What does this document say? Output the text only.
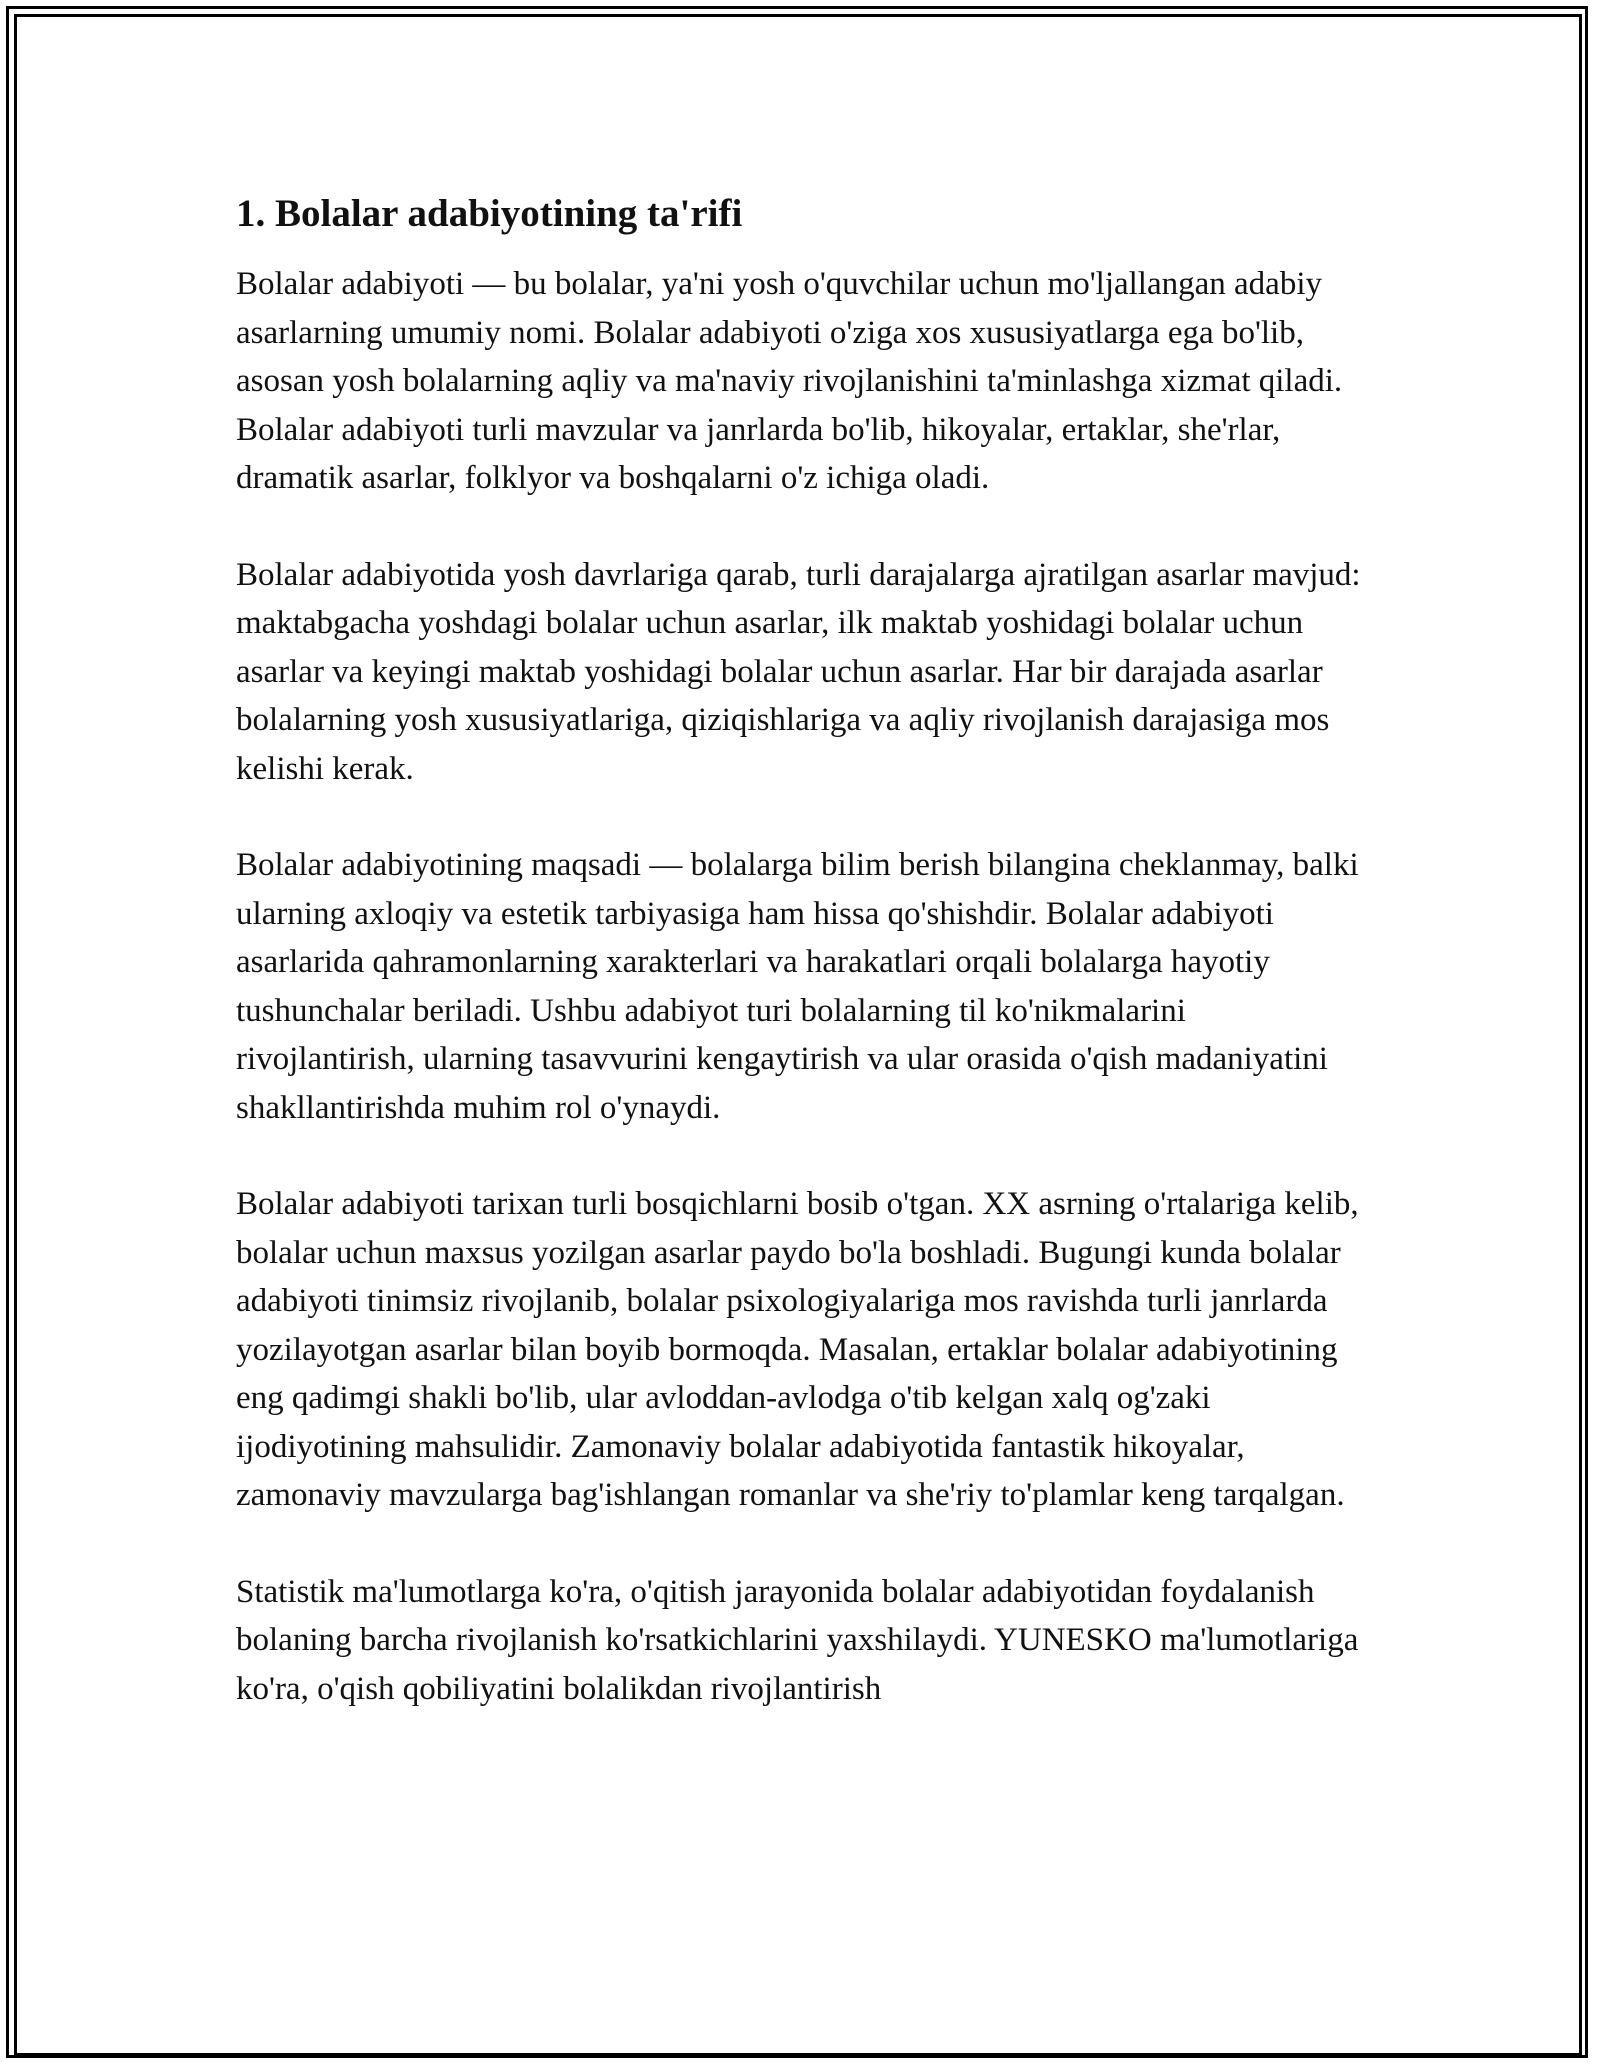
1. Bolalar adabiyotining ta'rifi

Bolalar adabiyoti — bu bolalar, ya'ni yosh o'quvchilar uchun mo'ljallangan adabiy asarlarning umumiy nomi. Bolalar adabiyoti o'ziga xos xususiyatlarga ega bo'lib, asosan yosh bolalarning aqliy va ma'naviy rivojlanishini ta'minlashga xizmat qiladi. Bolalar adabiyoti turli mavzular va janrlarda bo'lib, hikoyalar, ertaklar, she'rlar, dramatik asarlar, folklyor va boshqalarni o'z ichiga oladi.

Bolalar adabiyotida yosh davrlariga qarab, turli darajalarga ajratilgan asarlar mavjud: maktabgacha yoshdagi bolalar uchun asarlar, ilk maktab yoshidagi bolalar uchun asarlar va keyingi maktab yoshidagi bolalar uchun asarlar. Har bir darajada asarlar bolalarning yosh xususiyatlariga, qiziqishlariga va aqliy rivojlanish darajasiga mos kelishi kerak.

Bolalar adabiyotining maqsadi — bolalarga bilim berish bilangina cheklanmay, balki ularning axloqiy va estetik tarbiyasiga ham hissa qo'shishdir. Bolalar adabiyoti asarlarida qahramonlarning xarakterlari va harakatlari orqali bolalarga hayotiy tushunchalar beriladi. Ushbu adabiyot turi bolalarning til ko'nikmalarini rivojlantirish, ularning tasavvurini kengaytirish va ular orasida o'qish madaniyatini shakllantirishda muhim rol o'ynaydi.

Bolalar adabiyoti tarixan turli bosqichlarni bosib o'tgan. XX asrning o'rtalariga kelib, bolalar uchun maxsus yozilgan asarlar paydo bo'la boshladi. Bugungi kunda bolalar adabiyoti tinimsiz rivojlanib, bolalar psixologiyalariga mos ravishda turli janrlarda yozilayotgan asarlar bilan boyib bormoqda. Masalan, ertaklar bolalar adabiyotining eng qadimgi shakli bo'lib, ular avloddan-avlodga o'tib kelgan xalq og'zaki ijodiyotining mahsulidir. Zamonaviy bolalar adabiyotida fantastik hikoyalar, zamonaviy mavzularga bag'ishlangan romanlar va she'riy to'plamlar keng tarqalgan.

Statistik ma'lumotlarga ko'ra, o'qitish jarayonida bolalar adabiyotidan foydalanish bolaning barcha rivojlanish ko'rsatkichlarini yaxshilaydi. YUNESKO ma'lumotlariga ko'ra, o'qish qobiliyatini bolalikdan rivojlantirish
